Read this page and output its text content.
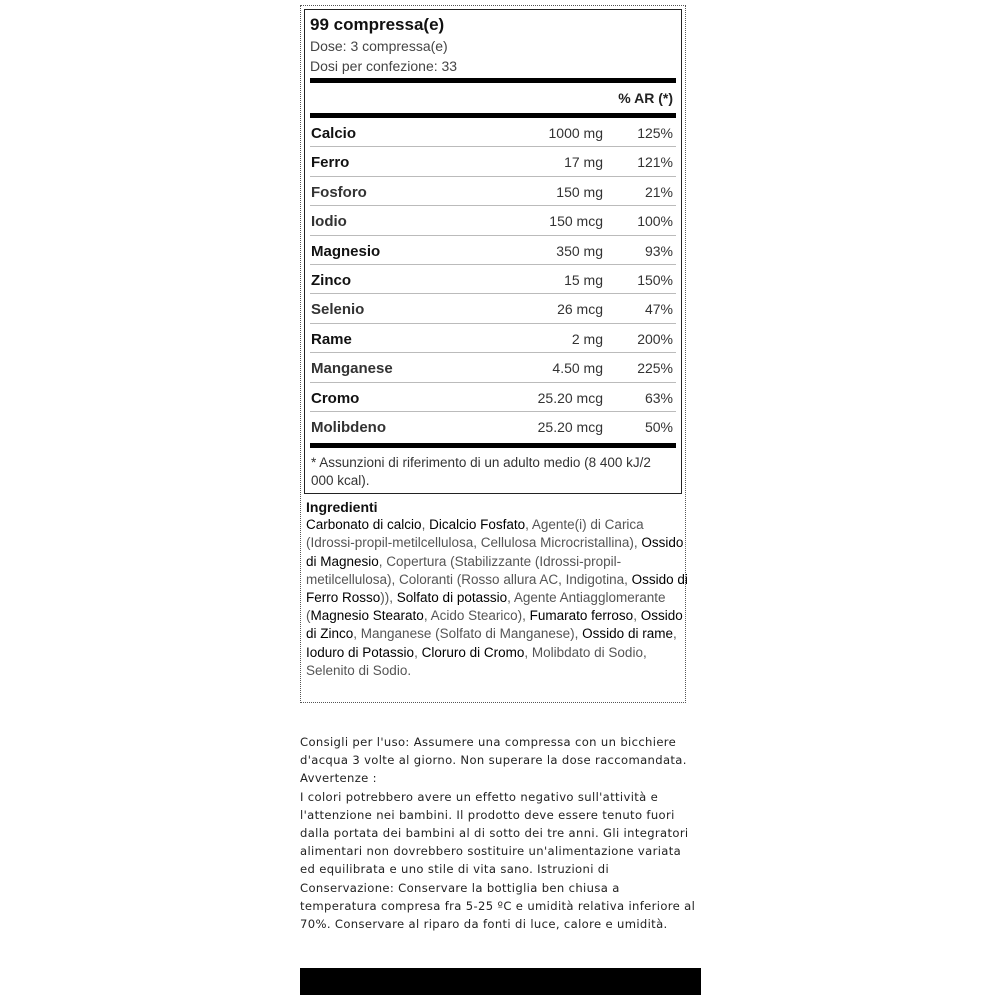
99 compressa(e)
Dose: 3 compressa(e)
Dosi per confezione: 33
% AR (*)
Calcio	1000 mg 125%
Ferro	17 mg 121%
Fosforo	150 mg	21%
Iodio	150 mcg 100%
Magnesio	350 mg	93%
Zinco	15 mg 150%
Selenio	26 mcg	47%
Rame	2 mg 200%
Manganese	4.50 mg 225%
Cromo	25.20 mcg	63%
Molibdeno	25.20 mcg	50%
* Assunzioni di riferimento di un adulto medio (8 400 kJ/2 000 kcal).
Ingredienti
Carbonato di calcio, Dicalcio Fosfato, Agente(i) di Carica (Idrossi-propil-metilcellulosa, Cellulosa Microcristallina), Ossido di Magnesio, Copertura (Stabilizzante (Idrossi-propil-metilcellulosa), Coloranti (Rosso allura AC, Indigotina, Ossido di Ferro Rosso)), Solfato di potassio, Agente Antiagglomerante (Magnesio Stearato, Acido Stearico), Fumarato ferroso, Ossido di Zinco, Manganese (Solfato di Manganese), Ossido di rame, Ioduro di Potassio, Cloruro di Cromo, Molibdato di Sodio, Selenito di Sodio.

Consigli per l'uso: Assumere una compressa con un bicchiere d'acqua 3 volte al giorno. Non superare la dose raccomandata.

Avvertenze :

I colori potrebbero avere un effetto negativo sull'attività e l'attenzione nei bambini. Il prodotto deve essere tenuto fuori dalla portata dei bambini al di sotto dei tre anni. Gli integratori alimentari non dovrebbero sostituire un'alimentazione variata ed equilibrata e uno stile di vita sano. Istruzioni di Conservazione: Conservare la bottiglia ben chiusa a temperatura compresa fra 5-25 ºC e umidità relativa inferiore al 70%. Conservare al riparo da fonti di luce, calore e umidità.
